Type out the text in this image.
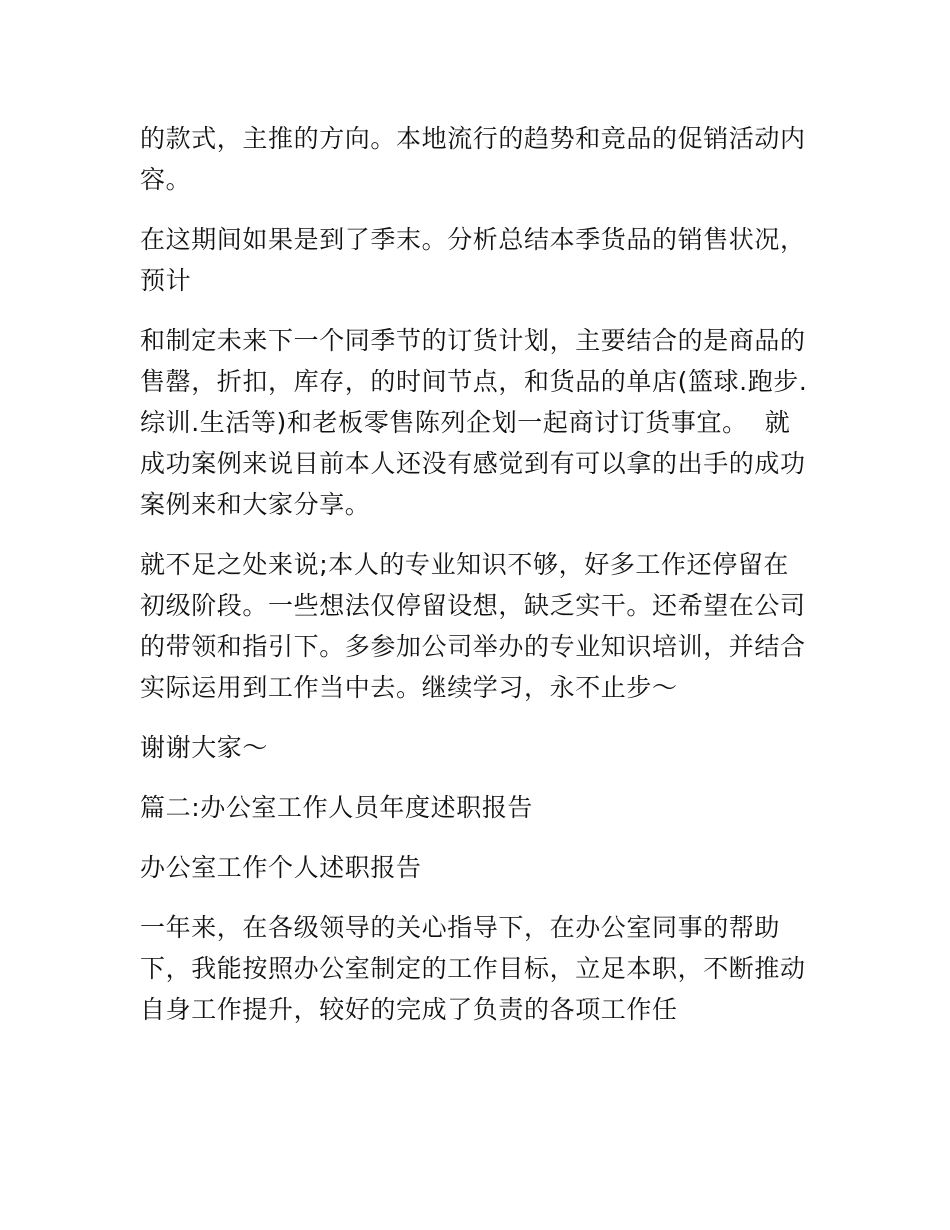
的款式，主推的方向。本地流行的趋势和竞品的促销活动内容。

在这期间如果是到了季末。分析总结本季货品的销售状况，预计

和制定未来下一个同季节的订货计划，主要结合的是商品的售罄，折扣，库存，的时间节点，和货品的单店(篮球.跑步.综训.生活等)和老板零售陈列企划一起商讨订货事宜。  就成功案例来说目前本人还没有感觉到有可以拿的出手的成功案例来和大家分享。

就不足之处来说;本人的专业知识不够，好多工作还停留在初级阶段。一些想法仅停留设想，缺乏实干。还希望在公司的带领和指引下。多参加公司举办的专业知识培训，并结合实际运用到工作当中去。继续学习，永不止步～

谢谢大家～

篇二:办公室工作人员年度述职报告

办公室工作个人述职报告

一年来，在各级领导的关心指导下，在办公室同事的帮助下，我能按照办公室制定的工作目标，立足本职，不断推动自身工作提升，较好的完成了负责的各项工作任
